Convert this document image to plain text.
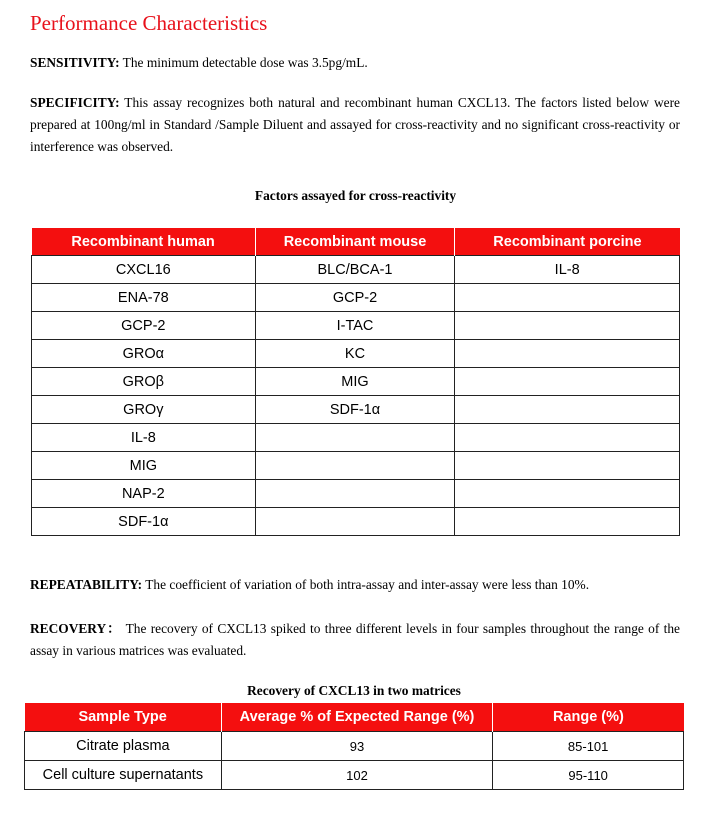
Performance Characteristics

SENSITIVITY: The minimum detectable dose was 3.5pg/mL.

SPECIFICITY: This assay recognizes both natural and recombinant human CXCL13. The factors listed below were prepared at 100ng/ml in Standard /Sample Diluent and assayed for cross-reactivity and no significant cross-reactivity or interference was observed.

Factors assayed for cross-reactivity
Recombinant human	Recombinant mouse	Recombinant porcine
CXCL16	BLC/BCA-1	IL-8
ENA-78	GCP-2	
GCP-2	I-TAC	
GROα	KC	
GROβ	MIG	
GROγ	SDF-1α	
IL-8		
MIG		
NAP-2		
SDF-1α		

REPEATABILITY: The coefficient of variation of both intra-assay and inter-assay were less than 10%.

RECOVERY： The recovery of CXCL13 spiked to three different levels in four samples throughout the range of the assay in various matrices was evaluated.

Recovery of CXCL13 in two matrices
Sample Type	Average % of Expected Range (%)	Range (%)
Citrate plasma	93	85-101
Cell culture supernatants	102	95-110
